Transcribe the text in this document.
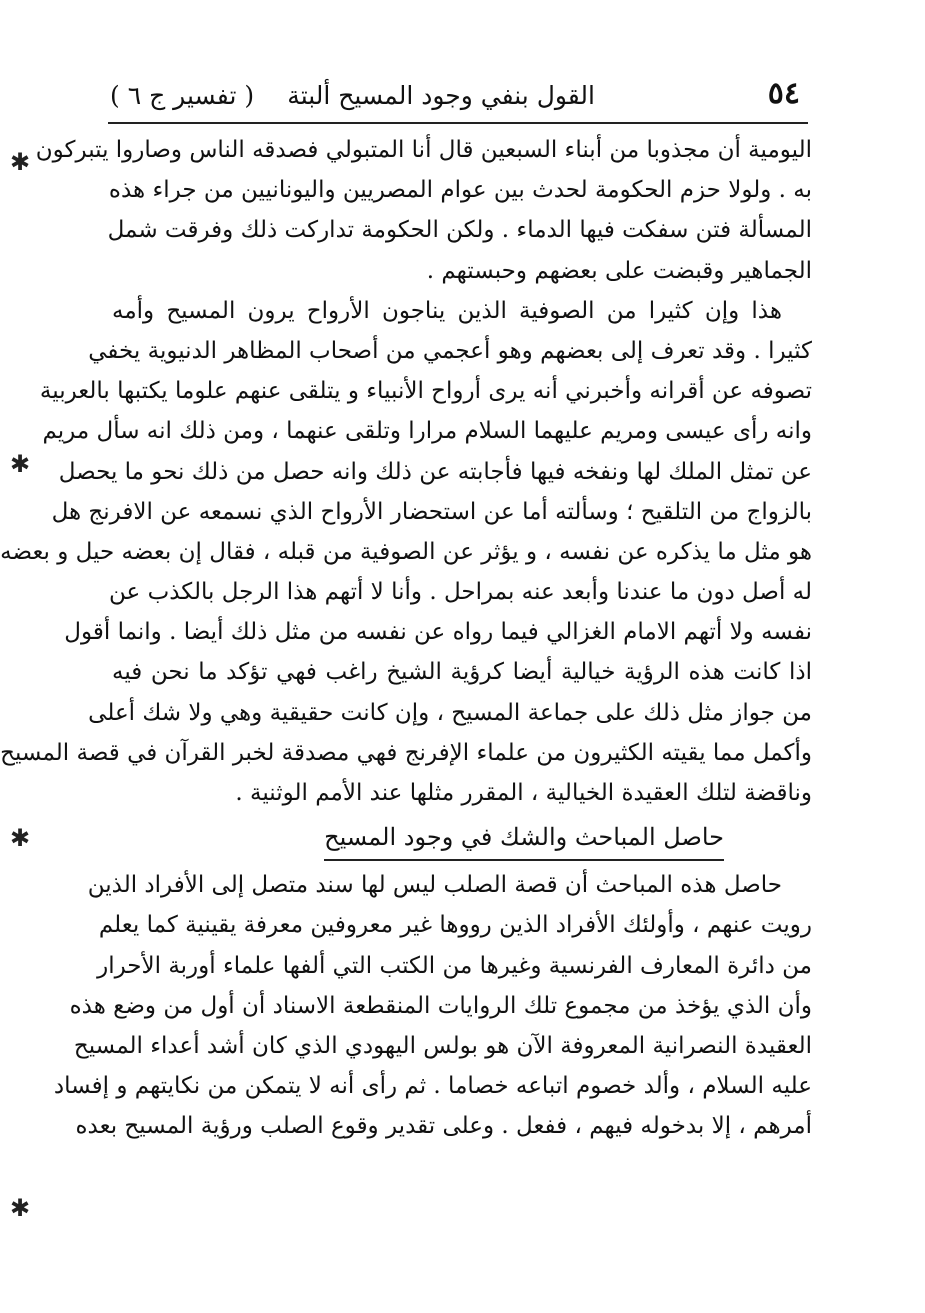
٥٤
القول بنفي وجود المسيح ألبتة
( تفسير ج ٦ )
✱
✱
✱
✱
اليومية أن مجذوبا من أبناء السبعين قال أنا المتبولي فصدقه الناس وصاروا يتبركون
به . ولولا حزم الحكومة لحدث بين عوام المصريين واليونانيين من جراء هذه
المسألة فتن سفكت فيها الدماء . ولكن الحكومة تداركت ذلك وفرقت شمل
الجماهير وقبضت على بعضهم وحبستهم .
هذا وإن كثيرا من الصوفية الذين يناجون الأرواح يرون المسيح وأمه
كثيرا . وقد تعرف إلى بعضهم وهو أعجمي من أصحاب المظاهر الدنيوية يخفي
تصوفه عن أقرانه وأخبرني أنه يرى أرواح الأنبياء و يتلقى عنهم علوما يكتبها بالعربية
وانه رأى عيسى ومريم عليهما السلام مرارا وتلقى عنهما ، ومن ذلك انه سأل مريم
عن تمثل الملك لها ونفخه فيها فأجابته عن ذلك وانه حصل من ذلك نحو ما يحصل
بالزواج من التلقيح ؛ وسألته أما عن استحضار الأرواح الذي نسمعه عن الافرنج هل
هو مثل ما يذكره عن نفسه ، و يؤثر عن الصوفية من قبله ، فقال إن بعضه حيل و بعضه
له أصل دون ما عندنا وأبعد عنه بمراحل . وأنا لا أتهم هذا الرجل بالكذب عن
نفسه ولا أتهم الامام الغزالي فيما رواه عن نفسه من مثل ذلك أيضا . وانما أقول
اذا كانت هذه الرؤية خيالية أيضا كرؤية الشيخ راغب فهي تؤكد ما نحن فيه
من جواز مثل ذلك على جماعة المسيح ، وإن كانت حقيقية وهي ولا شك أعلى
وأكمل مما يقيته الكثيرون من علماء الإفرنج فهي مصدقة لخبر القرآن في قصة المسيح
وناقضة لتلك العقيدة الخيالية ، المقرر مثلها عند الأمم الوثنية .
حاصل المباحث والشك في وجود المسيح
حاصل هذه المباحث أن قصة الصلب ليس لها سند متصل إلى الأفراد الذين
رويت عنهم ، وأولئك الأفراد الذين رووها غير معروفين معرفة يقينية كما يعلم
من دائرة المعارف الفرنسية وغيرها من الكتب التي ألفها علماء أوربة الأحرار
وأن الذي يؤخذ من مجموع تلك الروايات المنقطعة الاسناد أن أول من وضع هذه
العقيدة النصرانية المعروفة الآن هو بولس اليهودي الذي كان أشد أعداء المسيح
عليه السلام ، وألد خصوم اتباعه خصاما . ثم رأى أنه لا يتمكن من نكايتهم و إفساد
أمرهم ، إلا بدخوله فيهم ، ففعل . وعلى تقدير وقوع الصلب ورؤية المسيح بعده
